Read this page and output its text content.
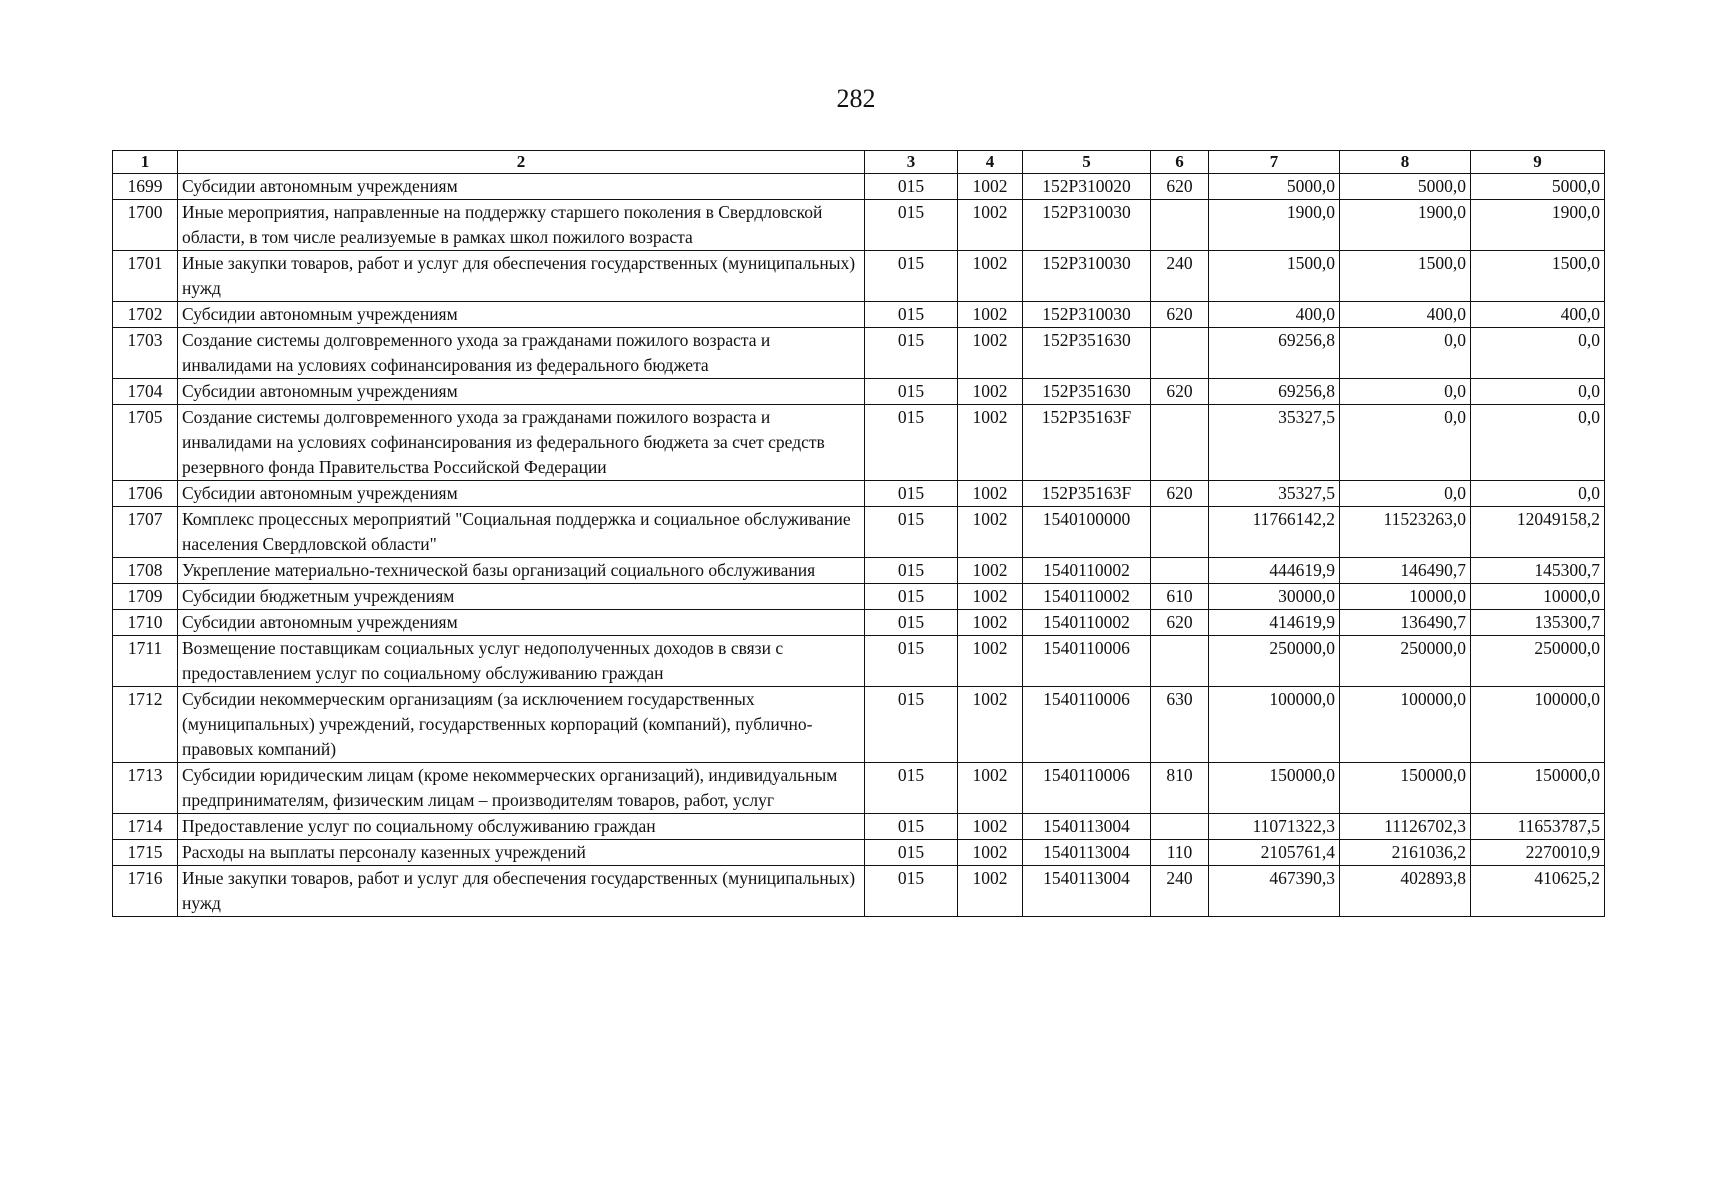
282
1	2	3	4	5	6	7	8	9
1699	Субсидии автономным учреждениям	015	1002	152P310020	620	5000,0	5000,0	5000,0
1700	Иные мероприятия, направленные на поддержку старшего поколения в Свердловской области, в том числе реализуемые в рамках школ пожилого возраста	015	1002	152P310030		1900,0	1900,0	1900,0
1701	Иные закупки товаров, работ и услуг для обеспечения государственных (муниципальных) нужд	015	1002	152P310030	240	1500,0	1500,0	1500,0
1702	Субсидии автономным учреждениям	015	1002	152P310030	620	400,0	400,0	400,0
1703	Создание системы долговременного ухода за гражданами пожилого возраста и инвалидами на условиях софинансирования из федерального бюджета	015	1002	152P351630		69256,8	0,0	0,0
1704	Субсидии автономным учреждениям	015	1002	152P351630	620	69256,8	0,0	0,0
1705	Создание системы долговременного ухода за гражданами пожилого возраста и инвалидами на условиях софинансирования из федерального бюджета за счет средств резервного фонда Правительства Российской Федерации	015	1002	152P35163F		35327,5	0,0	0,0
1706	Субсидии автономным учреждениям	015	1002	152P35163F	620	35327,5	0,0	0,0
1707	Комплекс процессных мероприятий "Социальная поддержка и социальное обслуживание населения Свердловской области"	015	1002	1540100000		11766142,2	11523263,0	12049158,2
1708	Укрепление материально-технической базы организаций социального обслуживания	015	1002	1540110002		444619,9	146490,7	145300,7
1709	Субсидии бюджетным учреждениям	015	1002	1540110002	610	30000,0	10000,0	10000,0
1710	Субсидии автономным учреждениям	015	1002	1540110002	620	414619,9	136490,7	135300,7
1711	Возмещение поставщикам социальных услуг недополученных доходов в связи с предоставлением услуг по социальному обслуживанию граждан	015	1002	1540110006		250000,0	250000,0	250000,0
1712	Субсидии некоммерческим организациям (за исключением государственных (муниципальных) учреждений, государственных корпораций (компаний), публично-правовых компаний)	015	1002	1540110006	630	100000,0	100000,0	100000,0
1713	Субсидии юридическим лицам (кроме некоммерческих организаций), индивидуальным предпринимателям, физическим лицам – производителям товаров, работ, услуг	015	1002	1540110006	810	150000,0	150000,0	150000,0
1714	Предоставление услуг по социальному обслуживанию граждан	015	1002	1540113004		11071322,3	11126702,3	11653787,5
1715	Расходы на выплаты персоналу казенных учреждений	015	1002	1540113004	110	2105761,4	2161036,2	2270010,9
1716	Иные закупки товаров, работ и услуг для обеспечения государственных (муниципальных) нужд	015	1002	1540113004	240	467390,3	402893,8	410625,2
